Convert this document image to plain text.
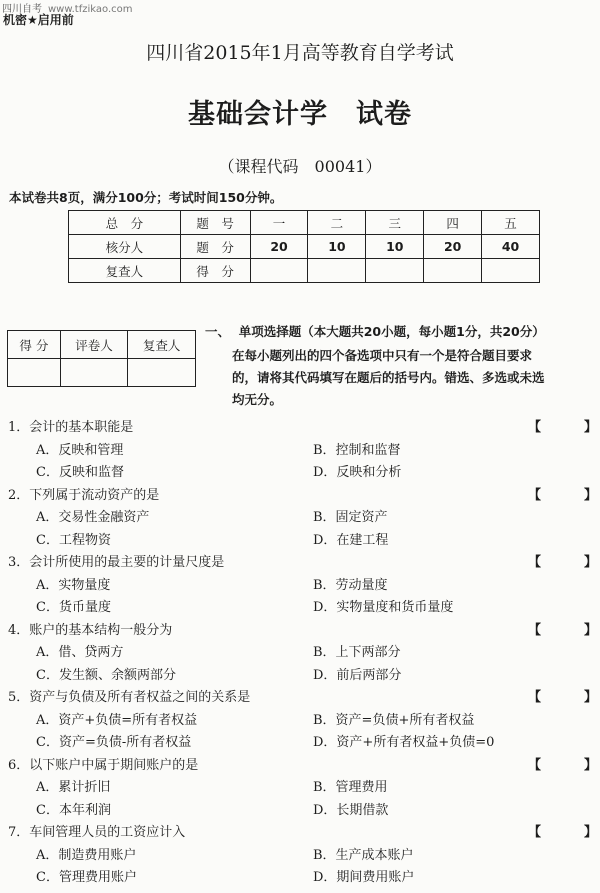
四川自考 www.tfzikao.com
机密★启用前
四川省2015年1月高等教育自学考试
基础会计学　试卷
（课程代码　00041）
本试卷共8页，满分100分；考试时间150分钟。
总　分	题　号	一	二	三	四	五
核分人	题　分	20	10	10	20	40
复查人	得　分					
得 分	评卷人	复查人

一、 单项选择题（本大题共20小题，每小题1分，共20分）
在每小题列出的四个备选项中只有一个是符合题目要求
的，请将其代码填写在题后的括号内。错选、多选或未选
均无分。
1．会计的基本职能是	【	】
A．反映和管理	B．控制和监督
C．反映和监督	D．反映和分析
2．下列属于流动资产的是	【	】
A．交易性金融资产	B．固定资产
C．工程物资	D．在建工程
3．会计所使用的最主要的计量尺度是	【	】
A．实物量度	B．劳动量度
C．货币量度	D．实物量度和货币量度
4．账户的基本结构一般分为	【	】
A．借、贷两方	B．上下两部分
C．发生额、余额两部分	D．前后两部分
5．资产与负债及所有者权益之间的关系是	【	】
A．资产+负债=所有者权益	B．资产=负债+所有者权益
C．资产=负债-所有者权益	D．资产+所有者权益+负债=0
6．以下账户中属于期间账户的是	【	】
A．累计折旧	B．管理费用
C．本年利润	D．长期借款
7．车间管理人员的工资应计入	【	】
A．制造费用账户	B．生产成本账户
C．管理费用账户	D．期间费用账户
